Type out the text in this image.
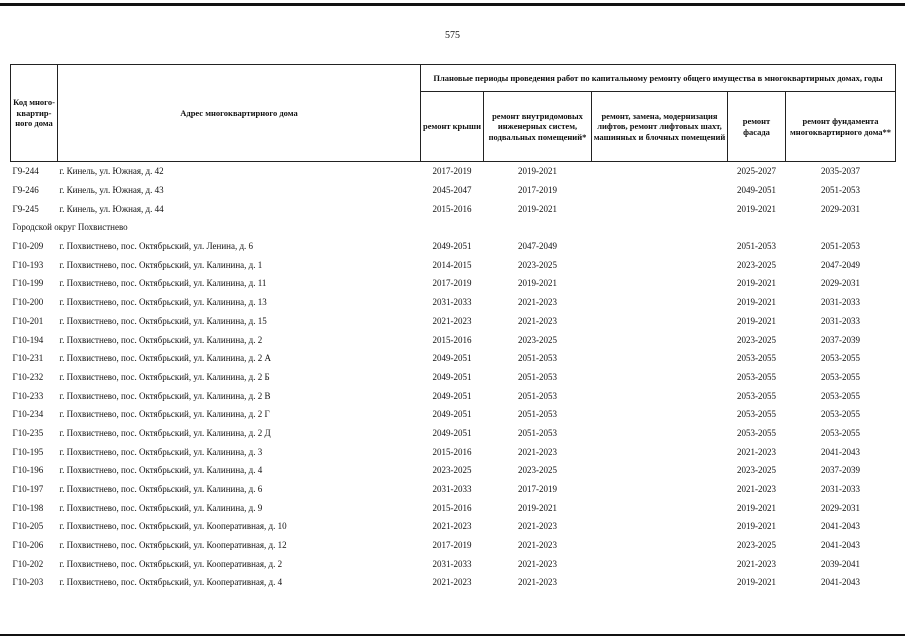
575
Код много-квартир-ного дома	Адрес многоквартирного дома	Плановые периоды проведения работ по капитальному ремонту общего имущества в многоквартирных домах, годы				
		ремонт крыши	ремонт внутридомовых инженерных систем, подвальных помещений*	ремонт, замена, модернизация лифтов, ремонт лифтовых шахт, машинных и блочных помещений	ремонт фасада	ремонт фундамента многоквартирного дома**
Г9-244	г. Кинель, ул. Южная, д. 42	2017-2019	2019-2021		2025-2027	2035-2037
Г9-246	г. Кинель, ул. Южная, д. 43	2045-2047	2017-2019		2049-2051	2051-2053
Г9-245	г. Кинель, ул. Южная, д. 44	2015-2016	2019-2021		2019-2021	2029-2031
Городской округ Похвистнево						
Г10-209	г. Похвистнево, пос. Октябрьский, ул. Ленина, д. 6	2049-2051	2047-2049		2051-2053	2051-2053
Г10-193	г. Похвистнево, пос. Октябрьский, ул. Калинина, д. 1	2014-2015	2023-2025		2023-2025	2047-2049
Г10-199	г. Похвистнево, пос. Октябрьский, ул. Калинина, д. 11	2017-2019	2019-2021		2019-2021	2029-2031
Г10-200	г. Похвистнево, пос. Октябрьский, ул. Калинина, д. 13	2031-2033	2021-2023		2019-2021	2031-2033
Г10-201	г. Похвистнево, пос. Октябрьский, ул. Калинина, д. 15	2021-2023	2021-2023		2019-2021	2031-2033
Г10-194	г. Похвистнево, пос. Октябрьский, ул. Калинина, д. 2	2015-2016	2023-2025		2023-2025	2037-2039
Г10-231	г. Похвистнево, пос. Октябрьский, ул. Калинина, д. 2 А	2049-2051	2051-2053		2053-2055	2053-2055
Г10-232	г. Похвистнево, пос. Октябрьский, ул. Калинина, д. 2 Б	2049-2051	2051-2053		2053-2055	2053-2055
Г10-233	г. Похвистнево, пос. Октябрьский, ул. Калинина, д. 2 В	2049-2051	2051-2053		2053-2055	2053-2055
Г10-234	г. Похвистнево, пос. Октябрьский, ул. Калинина, д. 2 Г	2049-2051	2051-2053		2053-2055	2053-2055
Г10-235	г. Похвистнево, пос. Октябрьский, ул. Калинина, д. 2 Д	2049-2051	2051-2053		2053-2055	2053-2055
Г10-195	г. Похвистнево, пос. Октябрьский, ул. Калинина, д. 3	2015-2016	2021-2023		2021-2023	2041-2043
Г10-196	г. Похвистнево, пос. Октябрьский, ул. Калинина, д. 4	2023-2025	2023-2025		2023-2025	2037-2039
Г10-197	г. Похвистнево, пос. Октябрьский, ул. Калинина, д. 6	2031-2033	2017-2019		2021-2023	2031-2033
Г10-198	г. Похвистнево, пос. Октябрьский, ул. Калинина, д. 9	2015-2016	2019-2021		2019-2021	2029-2031
Г10-205	г. Похвистнево, пос. Октябрьский, ул. Кооперативная, д. 10	2021-2023	2021-2023		2019-2021	2041-2043
Г10-206	г. Похвистнево, пос. Октябрьский, ул. Кооперативная, д. 12	2017-2019	2021-2023		2023-2025	2041-2043
Г10-202	г. Похвистнево, пос. Октябрьский, ул. Кооперативная, д. 2	2031-2033	2021-2023		2021-2023	2039-2041
Г10-203	г. Похвистнево, пос. Октябрьский, ул. Кооперативная, д. 4	2021-2023	2021-2023		2019-2021	2041-2043
